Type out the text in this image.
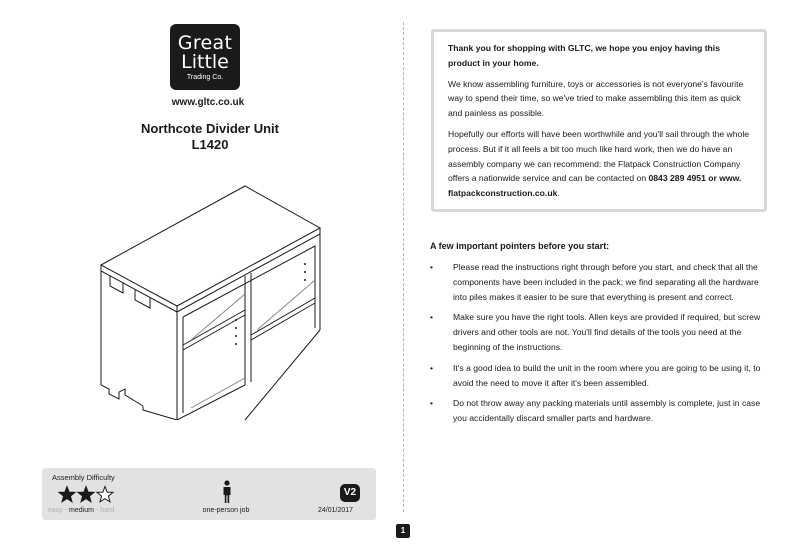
Great
Little
Trading Co.
www.gltc.co.uk
Northcote Divider Unit
L1420

Thank you for shopping with GLTC, we hope you enjoy having this product in your home.

We know assembling furniture, toys or accessories is not everyone's favourite way to spend their time, so we've tried to make assembling this item as quick and painless as possible.

Hopefully our efforts will have been worthwhile and you'll sail through the whole process. But if it all feels a bit too much like hard work, then we do have an assembly company we can recommend: the Flatpack Construction Company offers a nationwide service and can be contacted on 0843 289 4951 or www. flatpackconstruction.co.uk.

A few important pointers before you start:
• Please read the instructions right through before you start, and check that all the components have been included in the pack; we find separating all the hardware into piles makes it easier to be sure that everything is present and correct.
• Make sure you have the right tools. Allen keys are provided if required, but screw drivers and other tools are not. You'll find details of the tools you need at the beginning of the instructions.
• It's a good idea to build the unit in the room where you are going to be using it, to avoid the need to move it after it's been assembled.
• Do not throw away any packing materials until assembly is complete, just in case you accidentally discard smaller parts and hardware.
Assembly Difficulty
easy - medium - hard	one-person job
V2
24/01/2017
1
